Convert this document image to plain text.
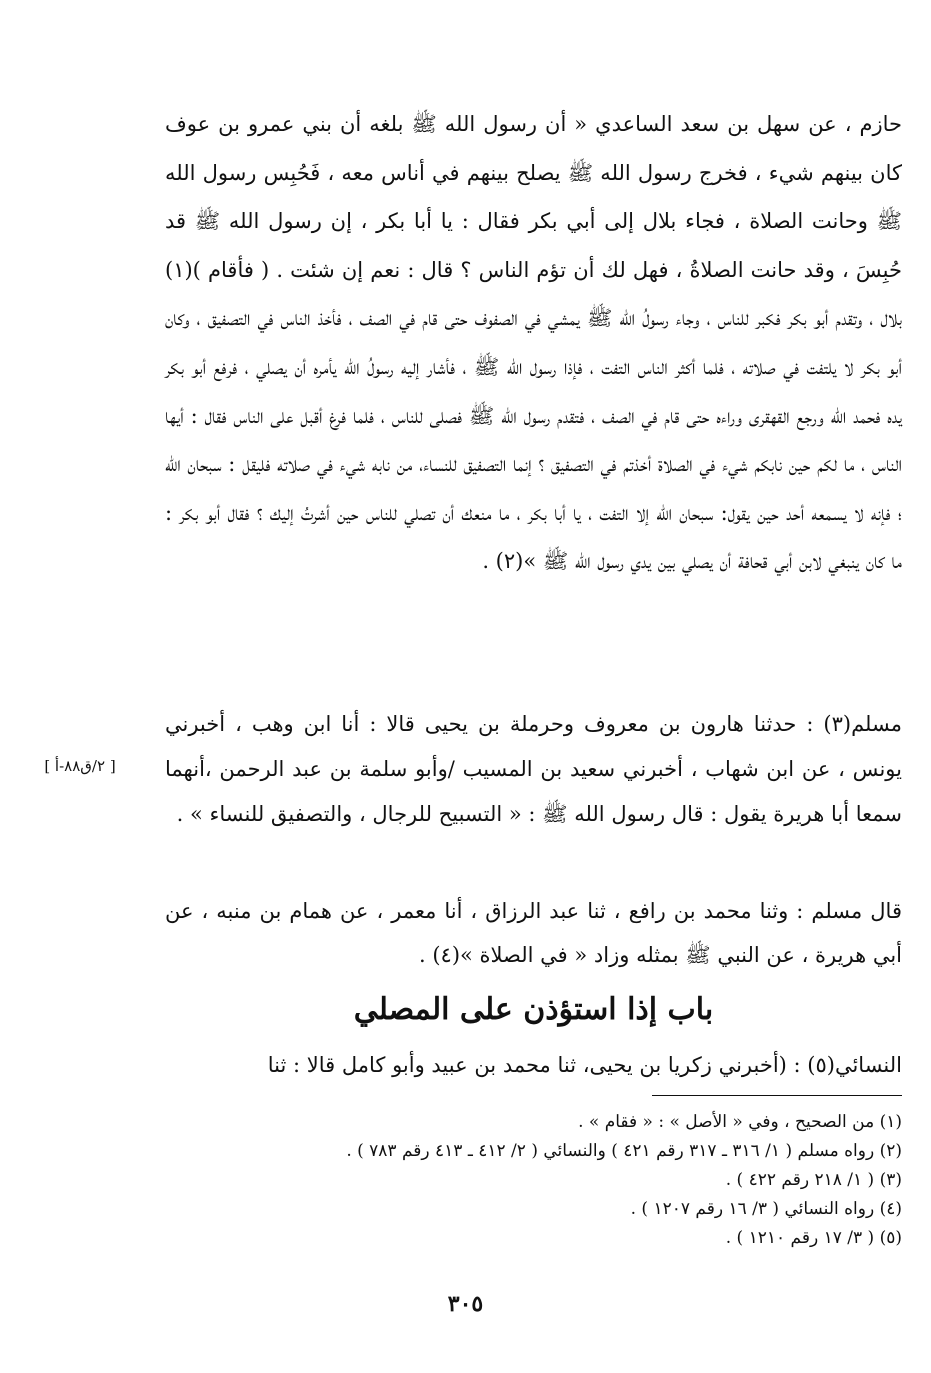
حازم ، عن سهل بن سعد الساعدي « أن رسول الله ﷺ بلغه أن بني عمرو بن عوف كان بينهم شيء ، فخرج رسول الله ﷺ يصلح بينهم في أناس معه ، فَحُبِس رسول الله ﷺ وحانت الصلاة ، فجاء بلال إلى أبي بكر فقال : يا أبا بكر ، إن رسول الله ﷺ قد حُبِسَ ، وقد حانت الصلاةُ ، فهل لك أن تؤم الناس ؟ قال : نعم إن شئت . ( فأقام )(١) بلال ، وتقدم أبو بكر فكبر للناس ، وجاء رسولُ الله ﷺ يمشي في الصفوف حتى قام في الصف ، فأخذ الناس في التصفيق ، وكان أبو بكر لا يلتفت في صلاته ، فلما أكثر الناس التفت ، فإذا رسول الله ﷺ ، فأشار إليه رسولُ الله يأمره أن يصلي ، فرفع أبو بكر يده فحمد الله ورجع القهقرى وراءه حتى قام في الصف ، فتقدم رسول الله ﷺ فصلى للناس ، فلما فرغ أقبل على الناس فقال : أيها الناس ، ما لكم حين نابكم شيء في الصلاة أخذتم في التصفيق ؟ إنما التصفيق للنساء، من نابه شيء في صلاته فليقل : سبحان الله ؛ فإنه لا يسمعه أحد حين يقول: سبحان الله إلا التفت ، يا أبا بكر ، ما منعك أن تصلي للناس حين أشرتُ إليك ؟ فقال أبو بكر : ما كان ينبغي لابن أبي قحافة أن يصلي بين يدي رسول الله ﷺ »(٢) .
مسلم(٣) : حدثنا هارون بن معروف وحرملة بن يحيى قالا : أنا ابن وهب ، أخبرني يونس ، عن ابن شهاب ، أخبرني سعيد بن المسيب /وأبو سلمة بن عبد الرحمن ،أنهما سمعا أبا هريرة يقول : قال رسول الله ﷺ : « التسبيح للرجال ، والتصفيق للنساء » .
[ ٢/ق٨٨-أ ]
قال مسلم : وثنا محمد بن رافع ، ثنا عبد الرزاق ، أنا معمر ، عن همام بن منبه ، عن أبي هريرة ، عن النبي ﷺ بمثله وزاد « في الصلاة »(٤) .
باب إذا استؤذن على المصلي
النسائي(٥) : (أخبرني زكريا بن يحيى، ثنا محمد بن عبيد وأبو كامل قالا : ثنا
(١) من الصحيح ، وفي « الأصل » : « فقام » .
(٢) رواه مسلم ( ١/ ٣١٦ ـ ٣١٧ رقم ٤٢١ ) والنسائي ( ٢/ ٤١٢ ـ ٤١٣ رقم ٧٨٣ ) .
(٣) ( ١/ ٢١٨ رقم ٤٢٢ ) .
(٤) رواه النسائي ( ٣/ ١٦ رقم ١٢٠٧ ) .
(٥) ( ٣/ ١٧ رقم ١٢١٠ ) .
٣٠٥
